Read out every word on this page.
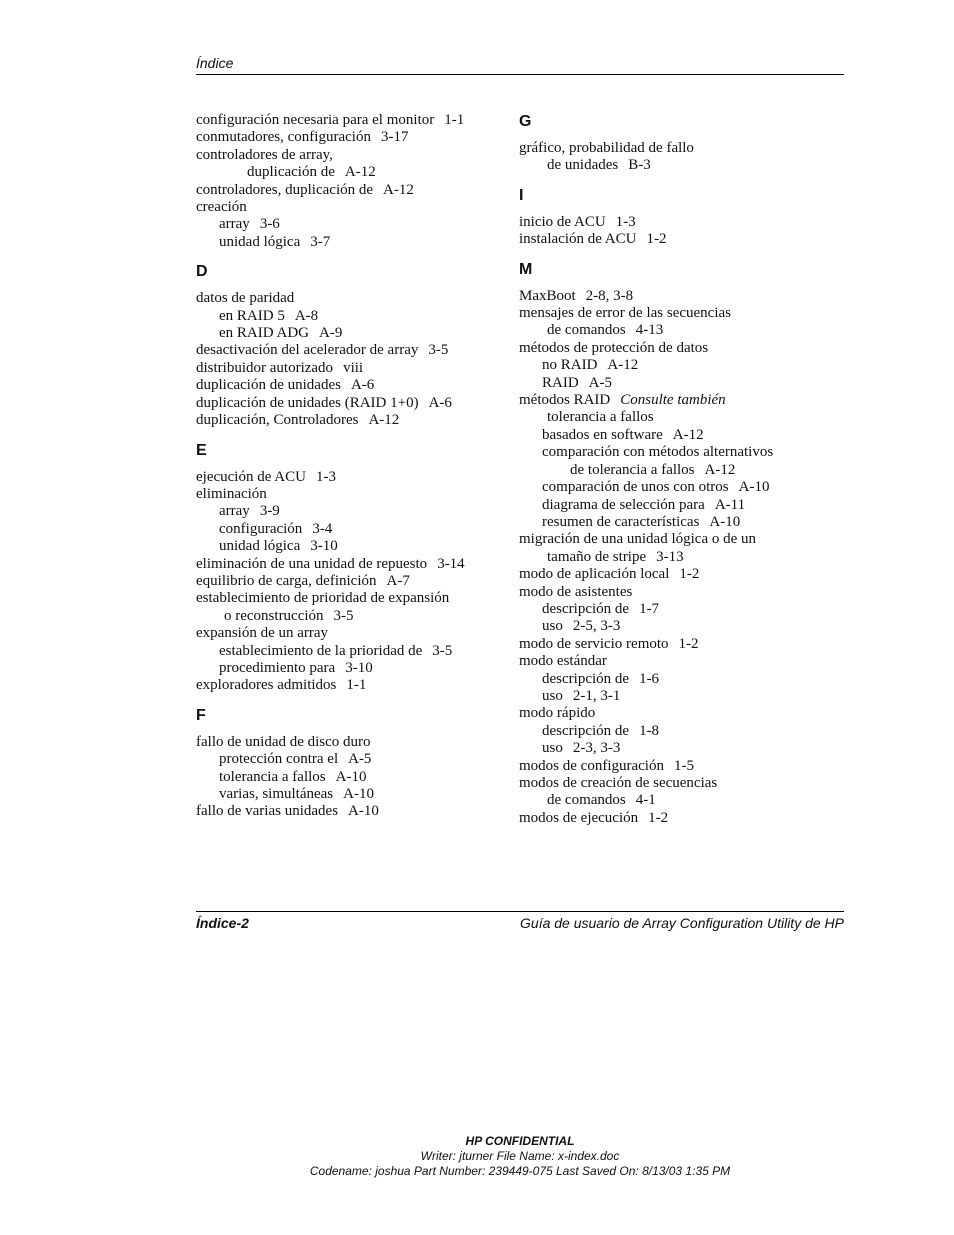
Índice
configuración necesaria para el monitor 1-1
conmutadores, configuración 3-17
controladores de array,
duplicación de A-12
controladores, duplicación de A-12
creación
array 3-6
unidad lógica 3-7
D
datos de paridad
en RAID 5 A-8
en RAID ADG A-9
desactivación del acelerador de array 3-5
distribuidor autorizado viii
duplicación de unidades A-6
duplicación de unidades (RAID 1+0) A-6
duplicación, Controladores A-12
E
ejecución de ACU 1-3
eliminación
array 3-9
configuración 3-4
unidad lógica 3-10
eliminación de una unidad de repuesto 3-14
equilibrio de carga, definición A-7
establecimiento de prioridad de expansión
o reconstrucción 3-5
expansión de un array
establecimiento de la prioridad de 3-5
procedimiento para 3-10
exploradores admitidos 1-1
F
fallo de unidad de disco duro
protección contra el A-5
tolerancia a fallos A-10
varias, simultáneas A-10
fallo de varias unidades A-10
G
gráfico, probabilidad de fallo
de unidades B-3
I
inicio de ACU 1-3
instalación de ACU 1-2
M
MaxBoot 2-8, 3-8
mensajes de error de las secuencias
de comandos 4-13
métodos de protección de datos
no RAID A-12
RAID A-5
métodos RAID Consulte también
tolerancia a fallos
basados en software A-12
comparación con métodos alternativos
de tolerancia a fallos A-12
comparación de unos con otros A-10
diagrama de selección para A-11
resumen de características A-10
migración de una unidad lógica o de un
tamaño de stripe 3-13
modo de aplicación local 1-2
modo de asistentes
descripción de 1-7
uso 2-5, 3-3
modo de servicio remoto 1-2
modo estándar
descripción de 1-6
uso 2-1, 3-1
modo rápido
descripción de 1-8
uso 2-3, 3-3
modos de configuración 1-5
modos de creación de secuencias
de comandos 4-1
modos de ejecución 1-2
Índice-2	Guía de usuario de Array Configuration Utility de HP
HP CONFIDENTIAL
Writer: jturner File Name: x-index.doc
Codename: joshua Part Number: 239449-075 Last Saved On: 8/13/03 1:35 PM
